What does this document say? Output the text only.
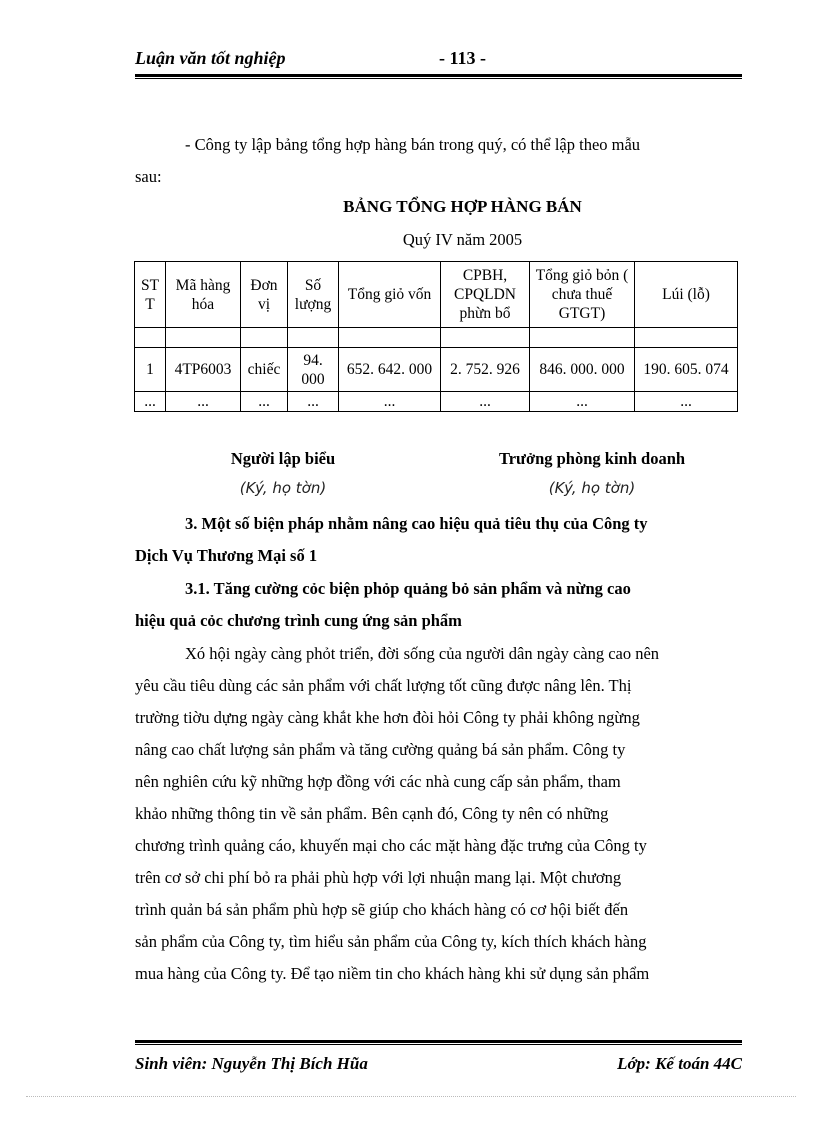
Luận văn tốt nghiệp	- 113 -
- Công ty lập bảng tổng hợp hàng bán trong quý, có thể lập theo mẫu
sau:
BẢNG TỔNG HỢP HÀNG BÁN
Quý IV năm 2005
ST T	Mã hàng hóa	Đơn vị	Số lượng	Tổng giỏ vốn	CPBH, CPQLDN phừn bổ	Tổng giỏ bỏn ( chưa thuế GTGT)	Lúi (lỗ)

1	4TP6003	chiếc	94. 000	652. 642. 000	2. 752. 926	846. 000. 000	190. 605. 074
...	...	...	...	...	...	...	...
Người lập biểu
(Ký, họ tờn)
Trưởng phòng kinh doanh
(Ký, họ tờn)
3. Một số biện pháp nhằm nâng cao hiệu quả tiêu thụ của Công ty
Dịch Vụ Thương Mại số 1
3.1. Tăng cường cỏc biện phỏp quảng bỏ sản phẩm và nừng cao
hiệu quả cỏc chương trình cung ứng sản phẩm
Xó hội ngày càng phỏt triển, đời sống của người dân ngày càng cao nên
yêu cầu tiêu dùng các sản phẩm với chất lượng tốt cũng được nâng lên. Thị
trường tiờu dựng ngày càng khắt khe hơn đòi hỏi Công ty phải không ngừng
nâng cao chất lượng sản phẩm và tăng cường quảng bá sản phẩm. Công ty
nên nghiên cứu kỹ những hợp đồng với các nhà cung cấp sản phẩm, tham
khảo những thông tin về sản phẩm. Bên cạnh đó, Công ty nên có những
chương trình quảng cáo, khuyến mại cho các mặt hàng đặc trưng của Công ty
trên cơ sở chi phí bỏ ra phải phù hợp với lợi nhuận mang lại. Một chương
trình quản bá sản phẩm phù hợp sẽ giúp cho khách hàng có cơ hội biết đến
sản phẩm của Công ty, tìm hiểu sản phẩm của Công ty, kích thích khách hàng
mua hàng của Công ty. Để tạo niềm tin cho khách hàng khi sử dụng sản phẩm
Sinh viên: Nguyễn Thị Bích Hũa	Lớp: Kế toán 44C
